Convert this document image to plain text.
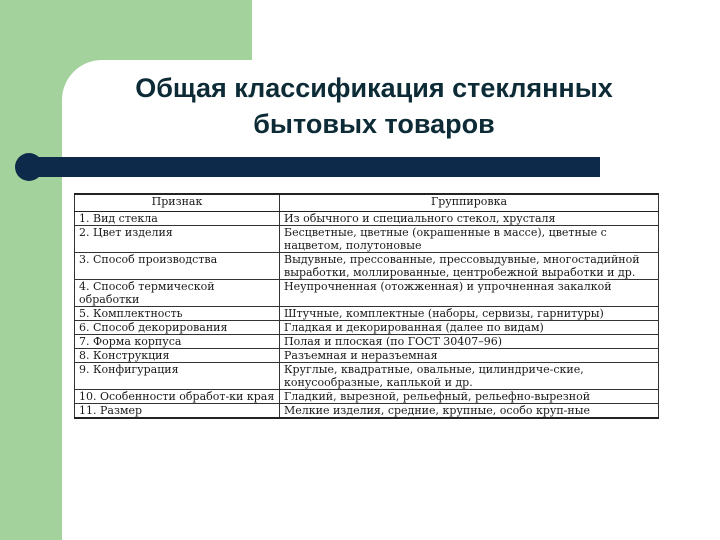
Общая классификация стеклянных
бытовых товаров
Признак	Группировка
1. Вид стекла	Из обычного и специального стекол, хрусталя
2. Цвет изделия	Бесцветные, цветные (окрашенные в массе), цветные с нацветом, полутоновые
3. Способ производства	Выдувные, прессованные, прессовыдувные, многостадийной выработки, моллированные, центробежной выработки и др.
4. Способ термической обработки	Неупрочненная (отожженная) и упрочненная закалкой
5. Комплектность	Штучные, комплектные (наборы, сервизы, гарнитуры)
6. Способ декорирования	Гладкая и декорированная (далее по видам)
7. Форма корпуса	Полая и плоская (по ГОСТ 30407–96)
8. Конструкция	Разъемная и неразъемная
9. Конфигурация	Круглые, квадратные, овальные, цилиндриче-ские, конусообразные, каплькой и др.
10. Особенности обработ-ки края	Гладкий, вырезной, рельефный, рельефно-вырезной
11. Размер	Мелкие изделия, средние, крупные, особо круп-ные
